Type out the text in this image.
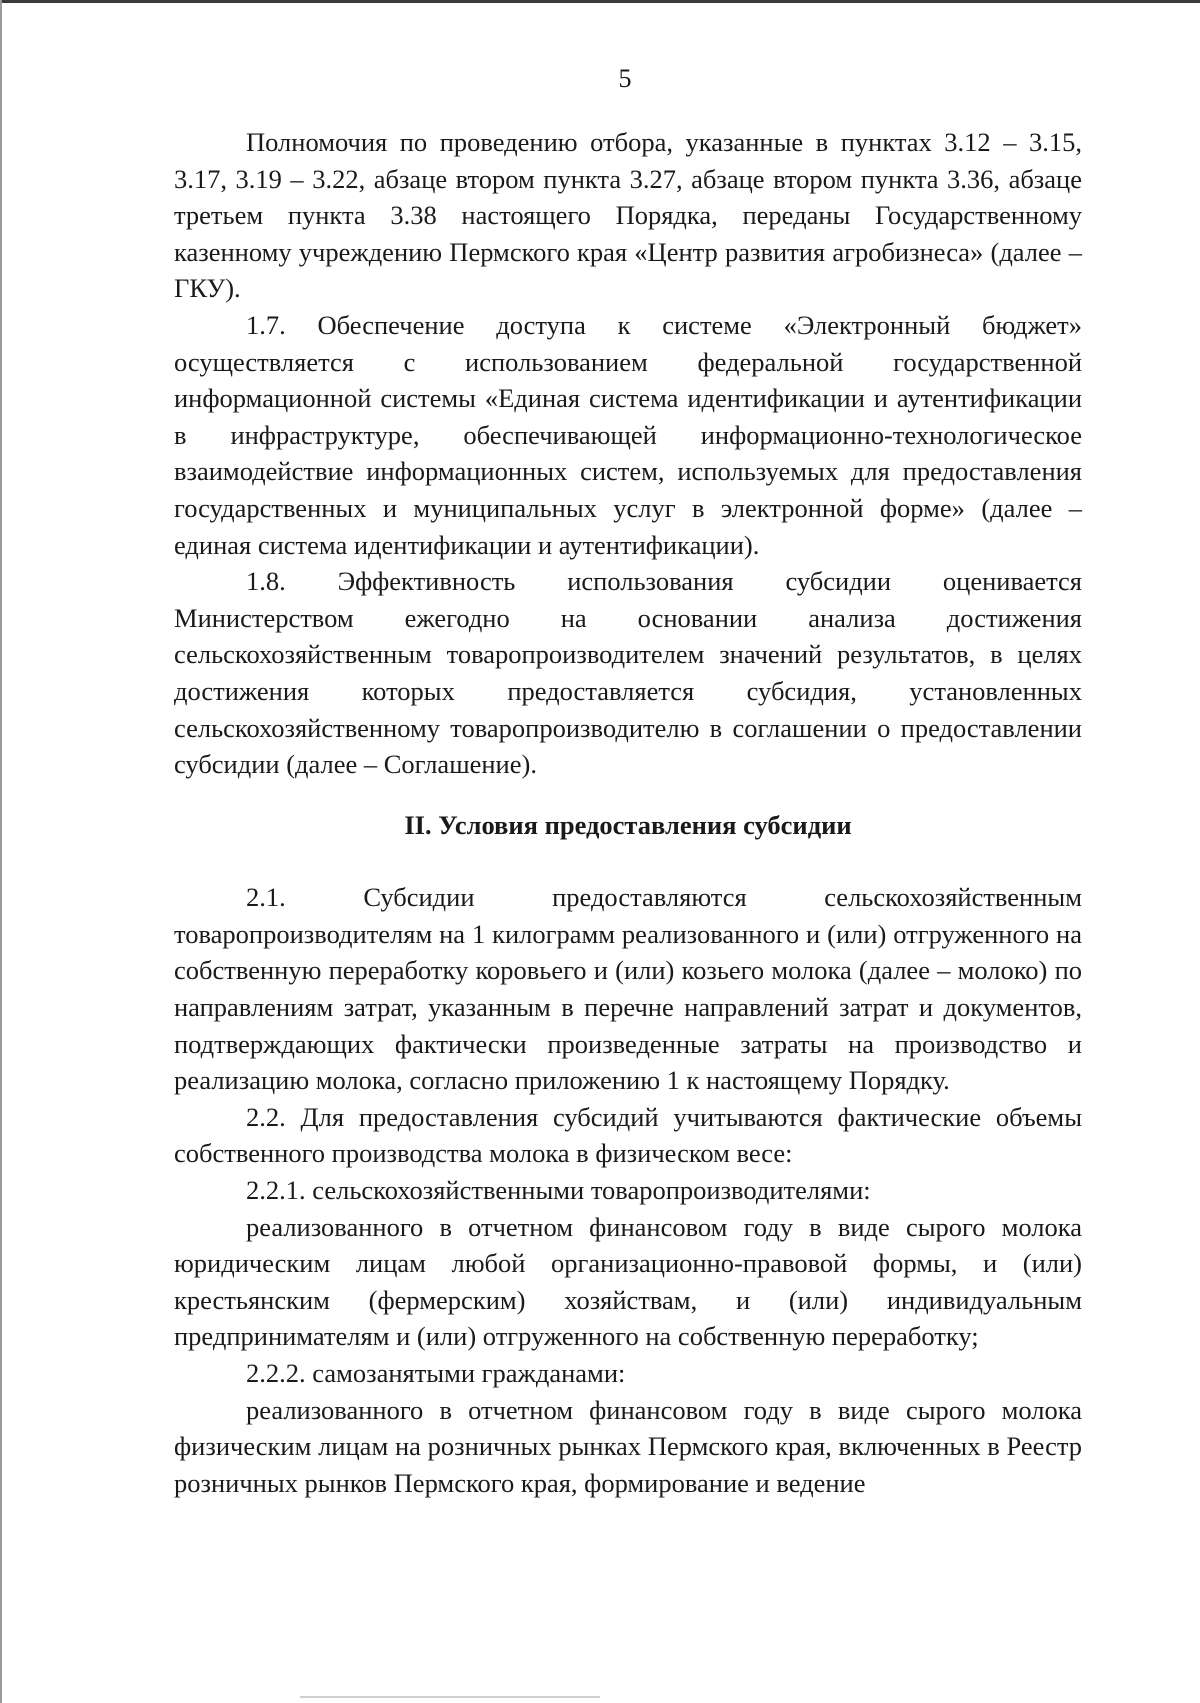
5

Полномочия по проведению отбора, указанные в пунктах 3.12 – 3.15, 3.17, 3.19 – 3.22, абзаце втором пункта 3.27, абзаце втором пункта 3.36, абзаце третьем пункта 3.38 настоящего Порядка, переданы Государственному казенному учреждению Пермского края «Центр развития агробизнеса» (далее – ГКУ).

1.7. Обеспечение доступа к системе «Электронный бюджет» осуществляется с использованием федеральной государственной информационной системы «Единая система идентификации и аутентификации в инфраструктуре, обеспечивающей информационно-технологическое взаимодействие информационных систем, используемых для предоставления государственных и муниципальных услуг в электронной форме» (далее – единая система идентификации и аутентификации).

1.8. Эффективность использования субсидии оценивается Министерством ежегодно на основании анализа достижения сельскохозяйственным товаропроизводителем значений результатов, в целях достижения которых предоставляется субсидия, установленных сельскохозяйственному товаропроизводителю в соглашении о предоставлении субсидии (далее – Соглашение).

II. Условия предоставления субсидии

2.1. Субсидии предоставляются сельскохозяйственным товаропроизводителям на 1 килограмм реализованного и (или) отгруженного на собственную переработку коровьего и (или) козьего молока (далее – молоко) по направлениям затрат, указанным в перечне направлений затрат и документов, подтверждающих фактически произведенные затраты на производство и реализацию молока, согласно приложению 1 к настоящему Порядку.

2.2. Для предоставления субсидий учитываются фактические объемы собственного производства молока в физическом весе:

2.2.1. сельскохозяйственными товаропроизводителями:

реализованного в отчетном финансовом году в виде сырого молока юридическим лицам любой организационно-правовой формы, и (или) крестьянским (фермерским) хозяйствам, и (или) индивидуальным предпринимателям и (или) отгруженного на собственную переработку;

2.2.2. самозанятыми гражданами:

реализованного в отчетном финансовом году в виде сырого молока физическим лицам на розничных рынках Пермского края, включенных в Реестр розничных рынков Пермского края, формирование и ведение
